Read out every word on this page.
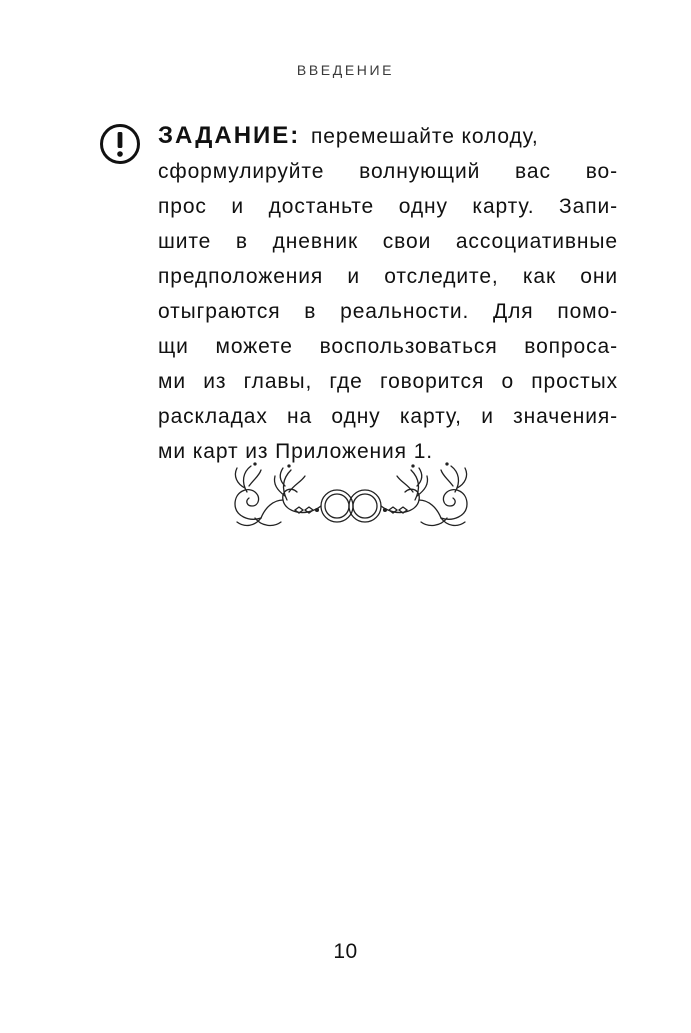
ВВЕДЕНИЕ
ЗАДАНИЕ: перемешайте колоду,
сформулируйте волнующий вас во-
прос и достаньте одну карту. Запи-
шите в дневник свои ассоциативные
предположения и отследите, как они
отыграются в реальности. Для помо-
щи можете воспользоваться вопроса-
ми из главы, где говорится о простых
раскладах на одну карту, и значения-
ми карт из Приложения 1.
10
